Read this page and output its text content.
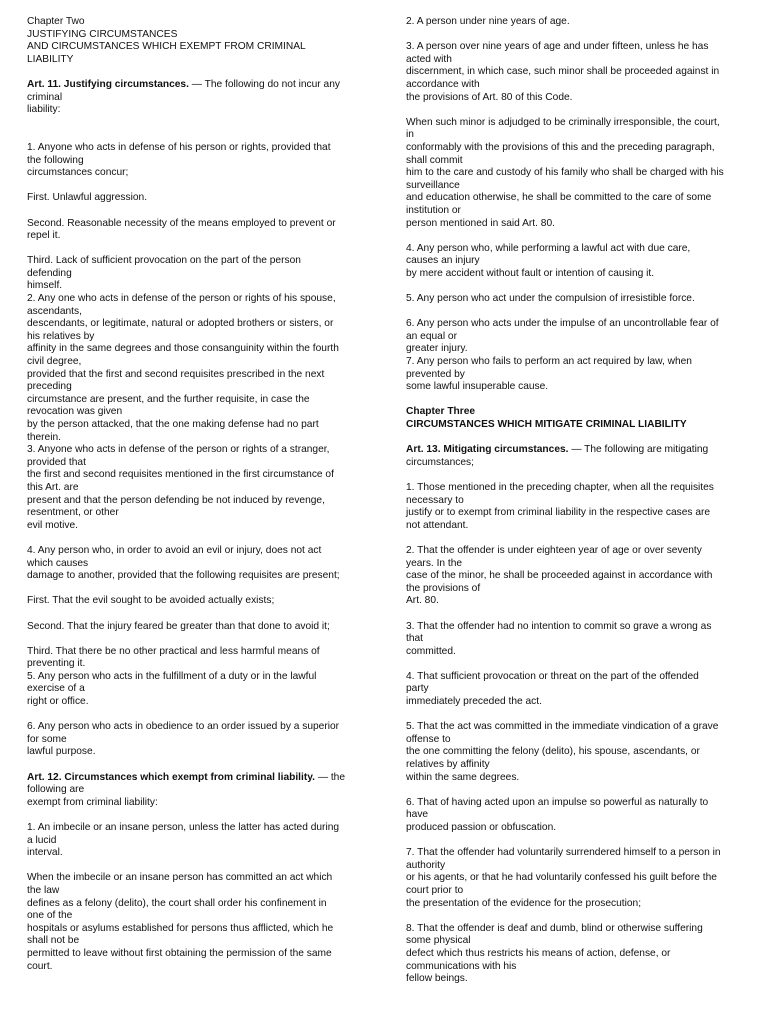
Chapter Two
JUSTIFYING CIRCUMSTANCES
AND CIRCUMSTANCES WHICH EXEMPT FROM CRIMINAL
LIABILITY
Art. 11. Justifying circumstances. — The following do not incur any
criminal
liability:

1. Anyone who acts in defense of his person or rights, provided that
the following
circumstances concur;
First. Unlawful aggression.
Second. Reasonable necessity of the means employed to prevent or
repel it.
Third. Lack of sufficient provocation on the part of the person
defending
himself.
2. Any one who acts in defense of the person or rights of his spouse,
ascendants,
descendants, or legitimate, natural or adopted brothers or sisters, or
his relatives by
affinity in the same degrees and those consanguinity within the fourth
civil degree,
provided that the first and second requisites prescribed in the next
preceding
circumstance are present, and the further requisite, in case the
revocation was given
by the person attacked, that the one making defense had no part
therein.
3. Anyone who acts in defense of the person or rights of a stranger,
provided that
the first and second requisites mentioned in the first circumstance of
this Art. are
present and that the person defending be not induced by revenge,
resentment, or other
evil motive.
4. Any person who, in order to avoid an evil or injury, does not act
which causes
damage to another, provided that the following requisites are present;
First. That the evil sought to be avoided actually exists;
Second. That the injury feared be greater than that done to avoid it;
Third. That there be no other practical and less harmful means of
preventing it.
5. Any person who acts in the fulfillment of a duty or in the lawful
exercise of a
right or office.
6. Any person who acts in obedience to an order issued by a superior
for some
lawful purpose.
Art. 12. Circumstances which exempt from criminal liability. — the
following are
exempt from criminal liability:
1. An imbecile or an insane person, unless the latter has acted during
a lucid
interval.
When the imbecile or an insane person has committed an act which
the law
defines as a felony (delito), the court shall order his confinement in
one of the
hospitals or asylums established for persons thus afflicted, which he
shall not be
permitted to leave without first obtaining the permission of the same
court.
2. A person under nine years of age.
3. A person over nine years of age and under fifteen, unless he has
acted with
discernment, in which case, such minor shall be proceeded against in
accordance with
the provisions of Art. 80 of this Code.
When such minor is adjudged to be criminally irresponsible, the court,
in
conformably with the provisions of this and the preceding paragraph,
shall commit
him to the care and custody of his family who shall be charged with his
surveillance
and education otherwise, he shall be committed to the care of some
institution or
person mentioned in said Art. 80.
4. Any person who, while performing a lawful act with due care,
causes an injury
by mere accident without fault or intention of causing it.
5. Any person who act under the compulsion of irresistible force.
6. Any person who acts under the impulse of an uncontrollable fear of
an equal or
greater injury.
7. Any person who fails to perform an act required by law, when
prevented by
some lawful insuperable cause.
Chapter Three
CIRCUMSTANCES WHICH MITIGATE CRIMINAL LIABILITY
Art. 13. Mitigating circumstances. — The following are mitigating
circumstances;
1. Those mentioned in the preceding chapter, when all the requisites
necessary to
justify or to exempt from criminal liability in the respective cases are
not attendant.
2. That the offender is under eighteen year of age or over seventy
years. In the
case of the minor, he shall be proceeded against in accordance with
the provisions of
Art. 80.
3. That the offender had no intention to commit so grave a wrong as
that
committed.
4. That sufficient provocation or threat on the part of the offended
party
immediately preceded the act.
5. That the act was committed in the immediate vindication of a grave
offense to
the one committing the felony (delito), his spouse, ascendants, or
relatives by affinity
within the same degrees.
6. That of having acted upon an impulse so powerful as naturally to
have
produced passion or obfuscation.
7. That the offender had voluntarily surrendered himself to a person in
authority
or his agents, or that he had voluntarily confessed his guilt before the
court prior to
the presentation of the evidence for the prosecution;
8. That the offender is deaf and dumb, blind or otherwise suffering
some physical
defect which thus restricts his means of action, defense, or
communications with his
fellow beings.
